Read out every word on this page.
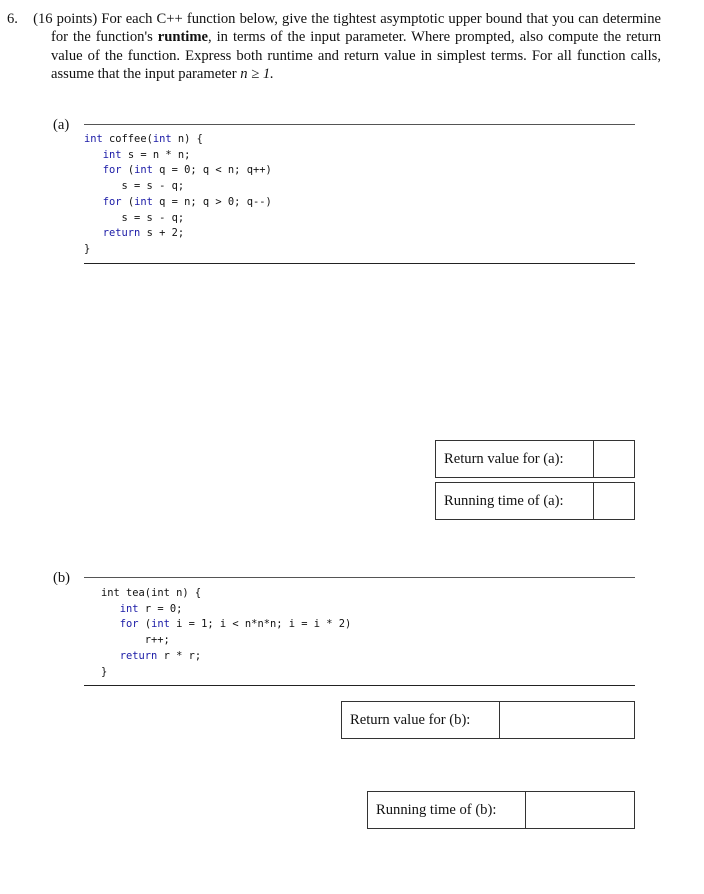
6. (16 points) For each C++ function below, give the tightest asymptotic upper bound that you can determine for the function's runtime, in terms of the input parameter. Where prompted, also compute the return value of the function. Express both runtime and return value in simplest terms. For all function calls, assume that the input parameter n ≥ 1.
(a)
int coffee(int n) {
int s = n * n;
for (int q = 0; q < n; q++)
s = s - q;
for (int q = n; q > 0; q--)
s = s - q;
return s + 2;
}
Return value for (a):
Running time of (a):
(b)
int tea(int n) {
int r = 0;
for (int i = 1; i < n*n*n; i = i * 2)
r++;
return r * r;
}
Return value for (b):
Running time of (b):
